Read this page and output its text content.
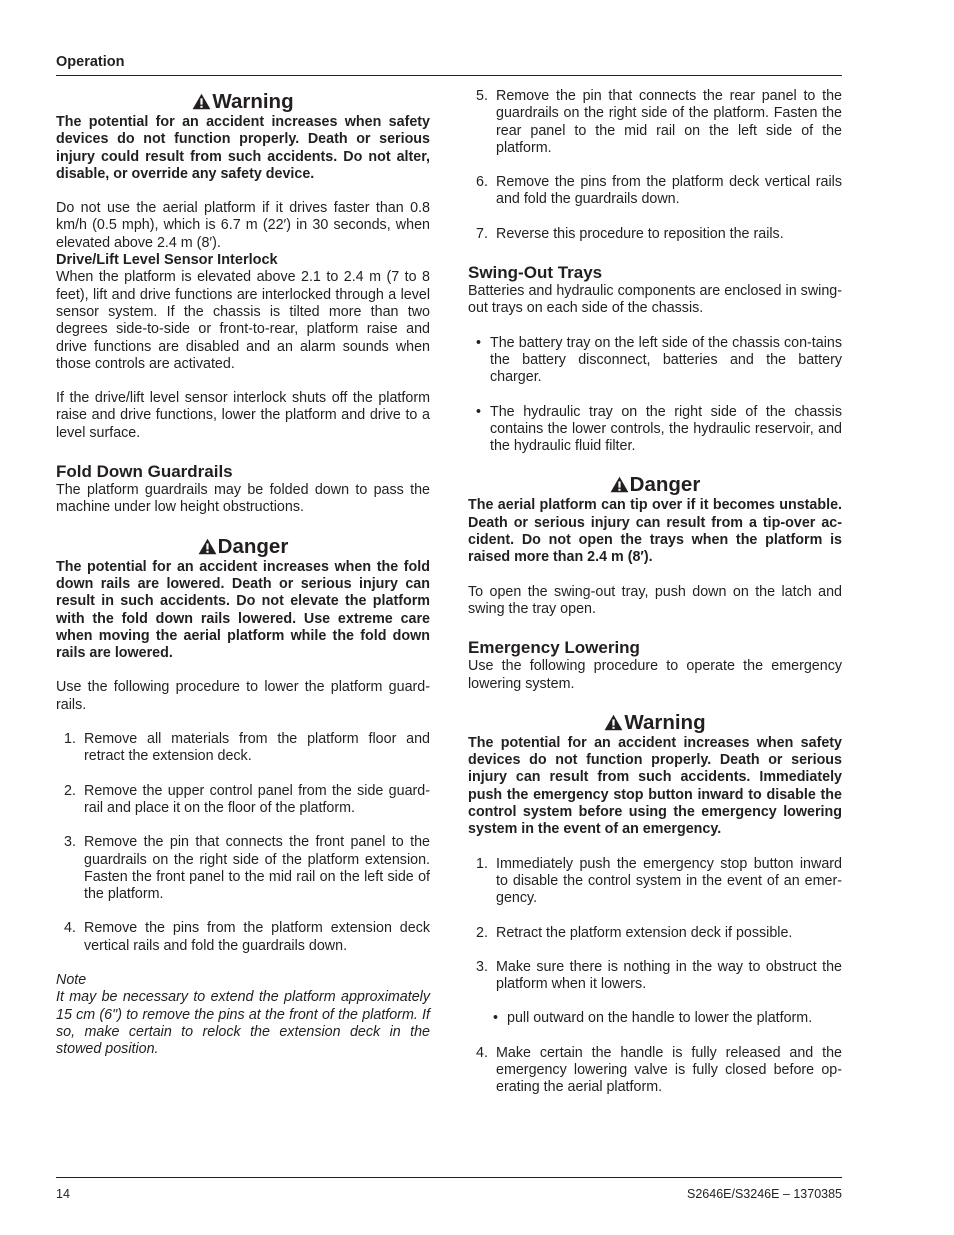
Operation
Warning

The potential for an accident increases when safety devices do not function properly. Death or serious injury could result from such accidents. Do not alter, disable, or override any safety device.

Do not use the aerial platform if it drives faster than 0.8 km/h (0.5 mph), which is 6.7 m (22′) in 30 seconds, when elevated above 2.4 m (8′).

Drive/Lift Level Sensor Interlock

When the platform is elevated above 2.1 to 2.4 m (7 to 8 feet), lift and drive functions are interlocked through a level sensor system. If the chassis is tilted more than two degrees side-to-side or front-to-rear, platform raise and drive functions are disabled and an alarm sounds when those controls are activated.

If the drive/lift level sensor interlock shuts off the platform raise and drive functions, lower the platform and drive to a level surface.

Fold Down Guardrails

The platform guardrails may be folded down to pass the machine under low height obstructions.

Danger

The potential for an accident increases when the fold down rails are lowered. Death or serious injury can result in such accidents. Do not elevate the platform with the fold down rails lowered. Use extreme care when moving the aerial platform while the fold down rails are lowered.

Use the following procedure to lower the platform guard-rails.

1. Remove all materials from the platform floor and retract the extension deck.
2. Remove the upper control panel from the side guard-rail and place it on the floor of the platform.
3. Remove the pin that connects the front panel to the guardrails on the right side of the platform extension. Fasten the front panel to the mid rail on the left side of the platform.
4. Remove the pins from the platform extension deck vertical rails and fold the guardrails down.

Note

It may be necessary to extend the platform approximately 15 cm (6") to remove the pins at the front of the platform. If so, make certain to relock the extension deck in the stowed position.

5. Remove the pin that connects the rear panel to the guardrails on the right side of the platform. Fasten the rear panel to the mid rail on the left side of the platform.
6. Remove the pins from the platform deck vertical rails and fold the guardrails down.
7. Reverse this procedure to reposition the rails.

Swing-Out Trays

Batteries and hydraulic components are enclosed in swing-out trays on each side of the chassis.

• The battery tray on the left side of the chassis con-tains the battery disconnect, batteries and the battery charger.
• The hydraulic tray on the right side of the chassis contains the lower controls, the hydraulic reservoir, and the hydraulic fluid filter.
Danger

The aerial platform can tip over if it becomes unstable. Death or serious injury can result from a tip-over ac-cident. Do not open the trays when the platform is raised more than 2.4 m (8′).

To open the swing-out tray, push down on the latch and swing the tray open.

Emergency Lowering

Use the following procedure to operate the emergency lowering system.

Warning

The potential for an accident increases when safety devices do not function properly. Death or serious injury can result from such accidents. Immediately push the emergency stop button inward to disable the control system before using the emergency lowering system in the event of an emergency.

1. Immediately push the emergency stop button inward to disable the control system in the event of an emer-gency.
2. Retract the platform extension deck if possible.
3. Make sure there is nothing in the way to obstruct the platform when it lowers.
• pull outward on the handle to lower the platform.
4. Make certain the handle is fully released and the emergency lowering valve is fully closed before op-erating the aerial platform.
14	S2646E/S3246E – 1370385
